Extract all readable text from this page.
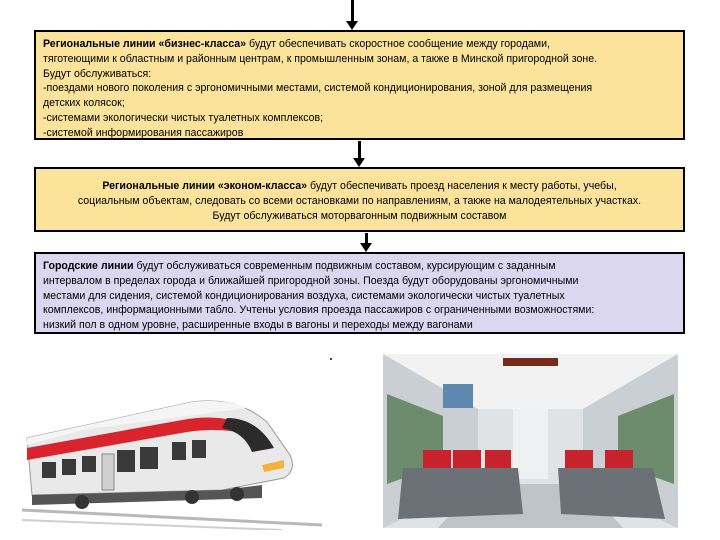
Региональные линии «бизнес-класса» будут обеспечивать скоростное сообщение между городами,
тяготеющими к областным и районным центрам, к промышленным зонам, а также в Минской пригородной зоне.
Будут обслуживаться:
-поездами нового поколения с эргономичными местами, системой кондиционирования, зоной для размещения
детских колясок;
-системами экологически чистых туалетных комплексов;
-системой информирования пассажиров
Региональные линии «эконом-класса» будут обеспечивать проезд населения к месту работы, учебы,
социальным объектам, следовать со всеми остановками по направлениям, а также на малодеятельных участках.
Будут обслуживаться моторвагонным подвижным составом
Городские линии будут обслуживаться современным подвижным составом, курсирующим с заданным
интервалом в пределах города и ближайшей пригородной зоны. Поезда будут оборудованы эргономичными
местами для сидения, системой кондиционирования воздуха, системами экологически чистых туалетных
комплексов, информационными табло. Учтены условия проезда пассажиров с ограниченными возможностями:
низкий пол в одном уровне, расширенные входы в вагоны и переходы между вагонами
